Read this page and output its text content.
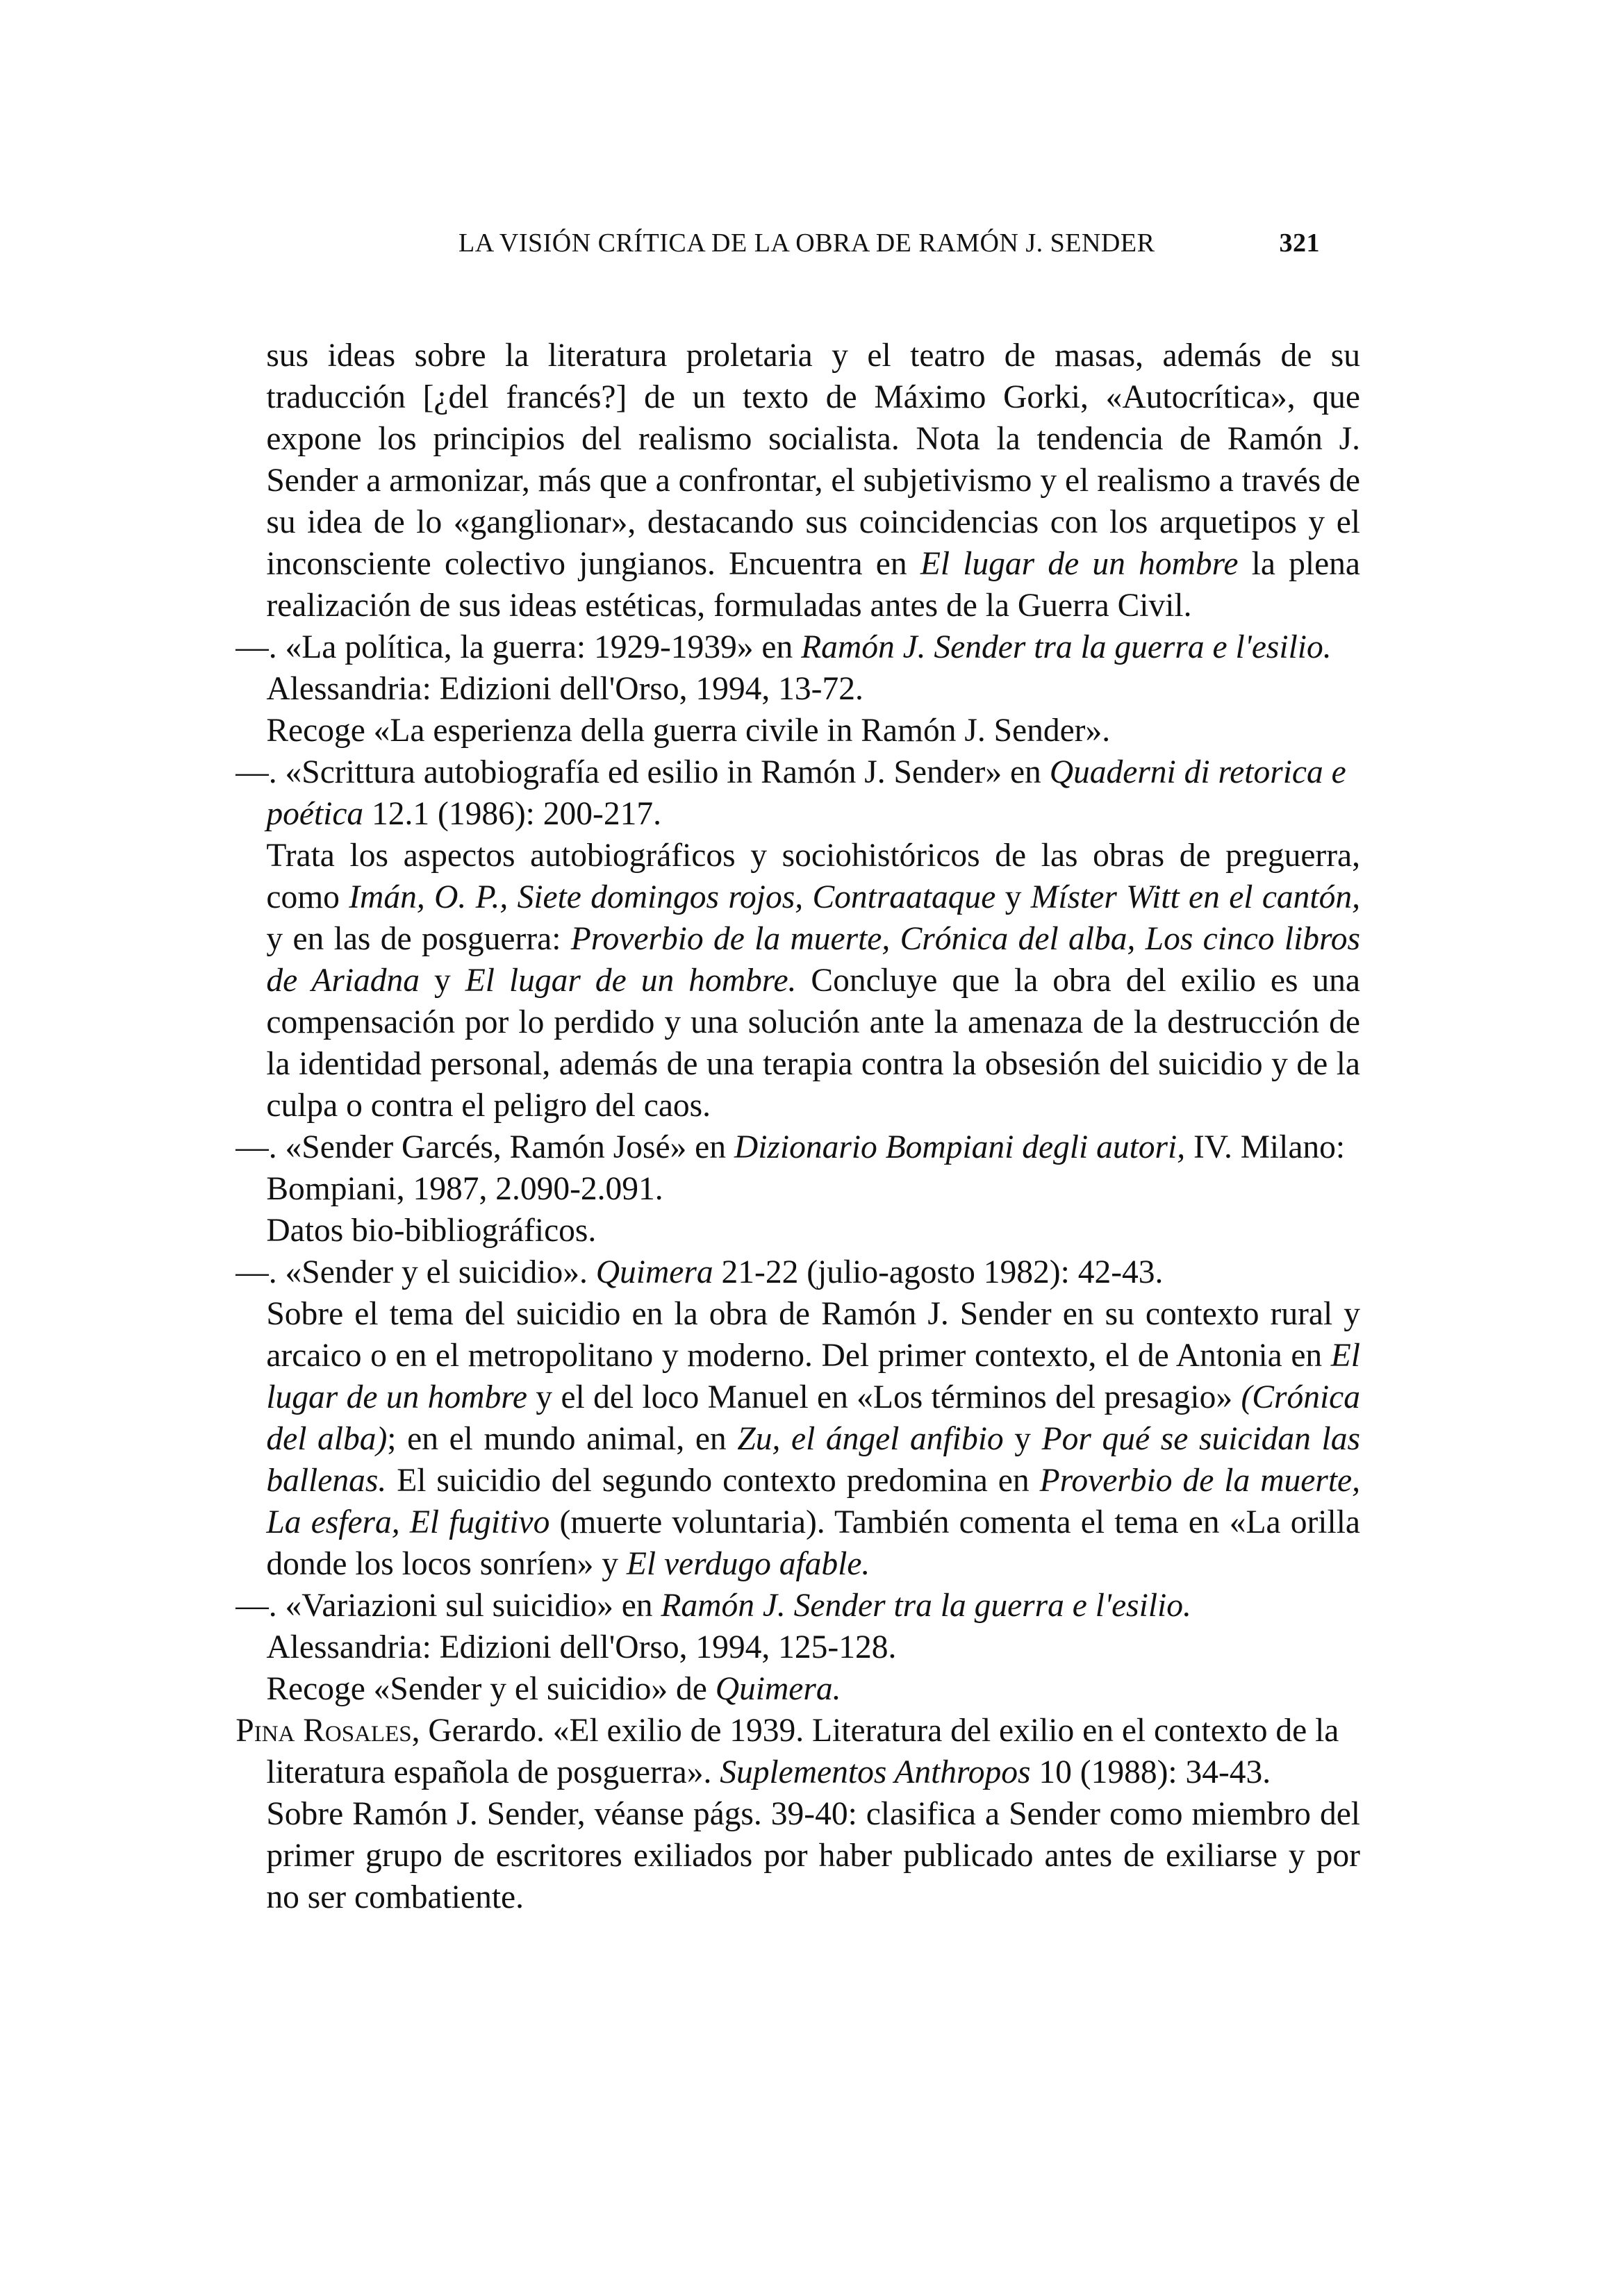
LA VISIÓN CRÍTICA DE LA OBRA DE RAMÓN J. SENDER	321
sus ideas sobre la literatura proletaria y el teatro de masas, además de su traducción [¿del francés?] de un texto de Máximo Gorki, «Autocrítica», que expone los principios del realismo socialista. Nota la tendencia de Ramón J. Sender a armonizar, más que a confrontar, el subjetivismo y el realismo a través de su idea de lo «ganglionar», destacando sus coincidencias con los arquetipos y el inconsciente colectivo jungianos. Encuentra en El lugar de un hombre la plena realización de sus ideas estéticas, formuladas antes de la Guerra Civil.
—. «La política, la guerra: 1929-1939» en Ramón J. Sender tra la guerra e l'esilio. Alessandria: Edizioni dell'Orso, 1994, 13-72.
Recoge «La esperienza della guerra civile in Ramón J. Sender».
—. «Scrittura autobiografía ed esilio in Ramón J. Sender» en Quaderni di retorica e poética 12.1 (1986): 200-217.
Trata los aspectos autobiográficos y sociohistóricos de las obras de preguerra, como Imán, O. P., Siete domingos rojos, Contraataque y Míster Witt en el cantón, y en las de posguerra: Proverbio de la muerte, Crónica del alba, Los cinco libros de Ariadna y El lugar de un hombre. Concluye que la obra del exilio es una compensación por lo perdido y una solución ante la amenaza de la destrucción de la identidad personal, además de una terapia contra la obsesión del suicidio y de la culpa o contra el peligro del caos.
—. «Sender Garcés, Ramón José» en Dizionario Bompiani degli autori, IV. Milano: Bompiani, 1987, 2.090-2.091.
Datos bio-bibliográficos.
—. «Sender y el suicidio». Quimera 21-22 (julio-agosto 1982): 42-43.
Sobre el tema del suicidio en la obra de Ramón J. Sender en su contexto rural y arcaico o en el metropolitano y moderno. Del primer contexto, el de Antonia en El lugar de un hombre y el del loco Manuel en «Los términos del presagio» (Crónica del alba); en el mundo animal, en Zu, el ángel anfibio y Por qué se suicidan las ballenas. El suicidio del segundo contexto predomina en Proverbio de la muerte, La esfera, El fugitivo (muerte voluntaria). También comenta el tema en «La orilla donde los locos sonríen» y El verdugo afable.
—. «Variazioni sul suicidio» en Ramón J. Sender tra la guerra e l'esilio. Alessandria: Edizioni dell'Orso, 1994, 125-128.
Recoge «Sender y el suicidio» de Quimera.
Pina Rosales, Gerardo. «El exilio de 1939. Literatura del exilio en el contexto de la literatura española de posguerra». Suplementos Anthropos 10 (1988): 34-43.
Sobre Ramón J. Sender, véanse págs. 39-40: clasifica a Sender como miembro del primer grupo de escritores exiliados por haber publicado antes de exiliarse y por no ser combatiente.
